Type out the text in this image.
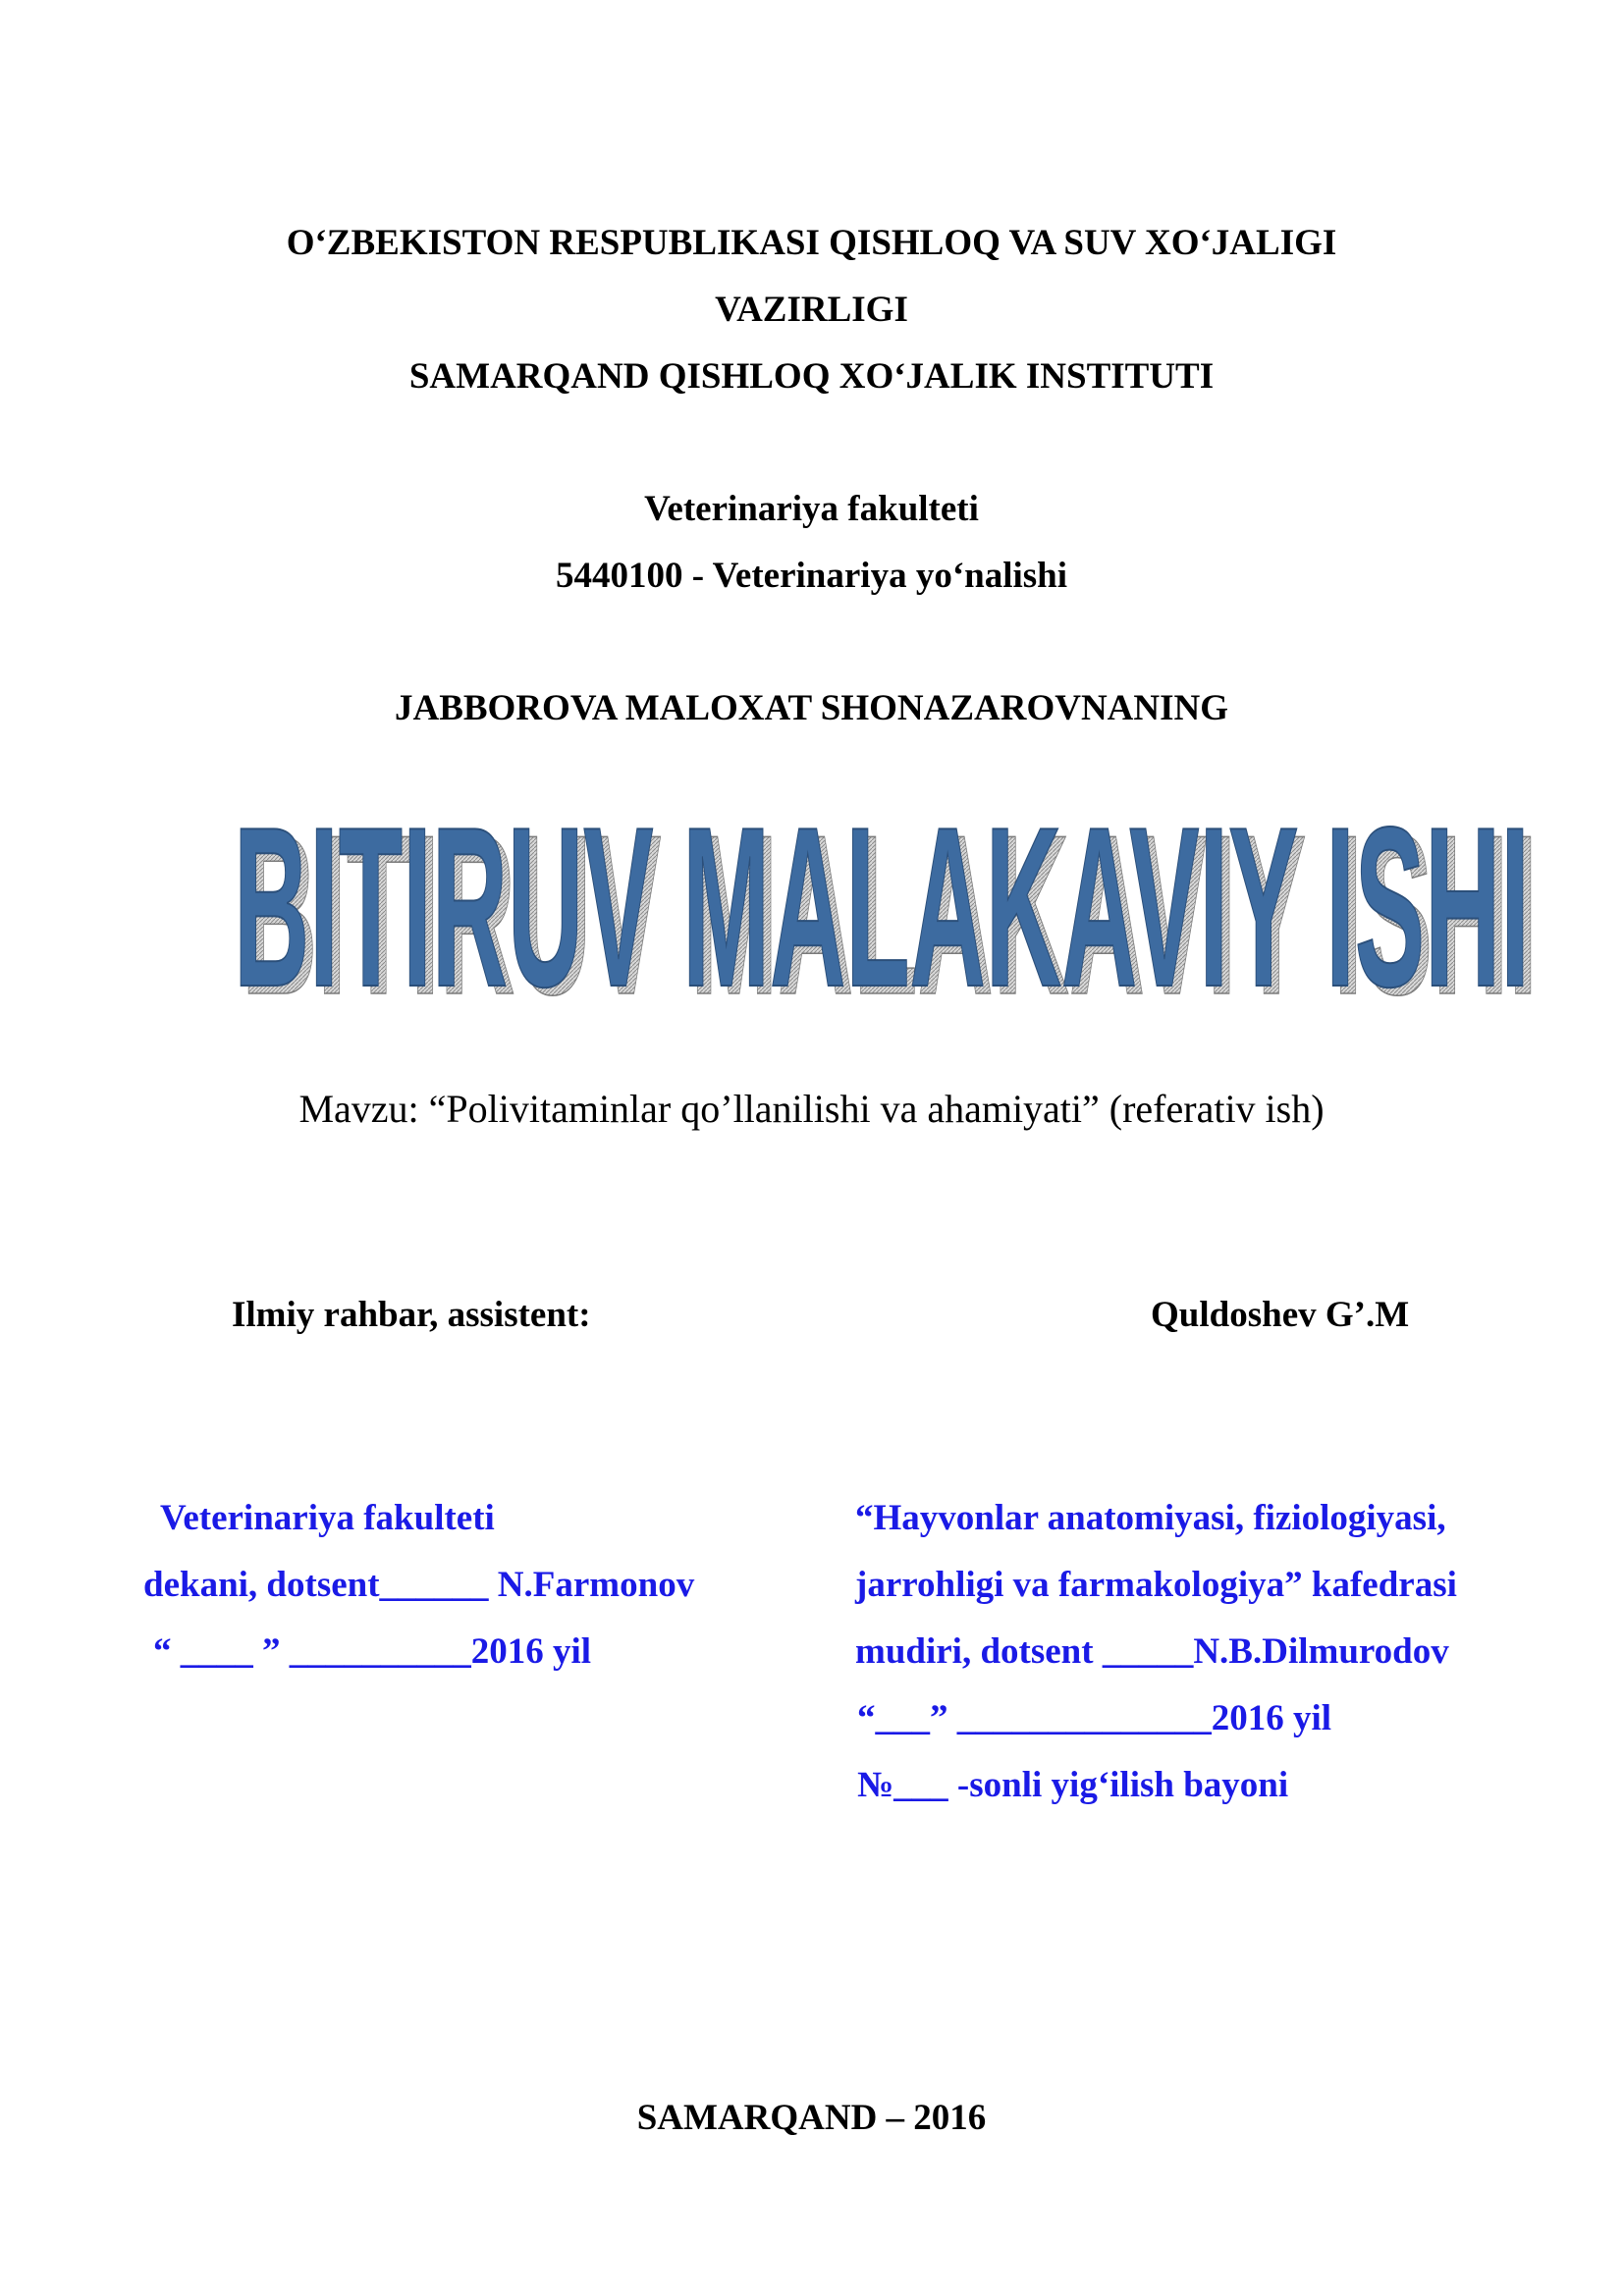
O‘ZBEKISTON RESPUBLIKASI QISHLOQ VA SUV XO‘JALIGI
VAZIRLIGI
SAMARQAND QISHLOQ XO‘JALIK INSTITUTI
Veterinariya fakulteti
5440100 - Veterinariya yo‘nalishi
JABBOROVA MALOXAT SHONAZAROVNANING
BITIRUV MALAKAVIY ISHI
BITIRUV MALAKAVIY ISHI
Mavzu: “Polivitaminlar qo’llanilishi va ahamiyati” (referativ ish)
Ilmiy rahbar, assistent:	Quldoshev G’.M
Veterinariya fakulteti
dekani, dotsent______ N.Farmonov
“ ____ ” __________2016 yil
“Hayvonlar anatomiyasi, fiziologiyasi,
jarrohligi va farmakologiya” kafedrasi
mudiri, dotsent _____N.B.Dilmurodov
“___” ______________2016 yil
№___ -sonli yig‘ilish bayoni
SAMARQAND – 2016
